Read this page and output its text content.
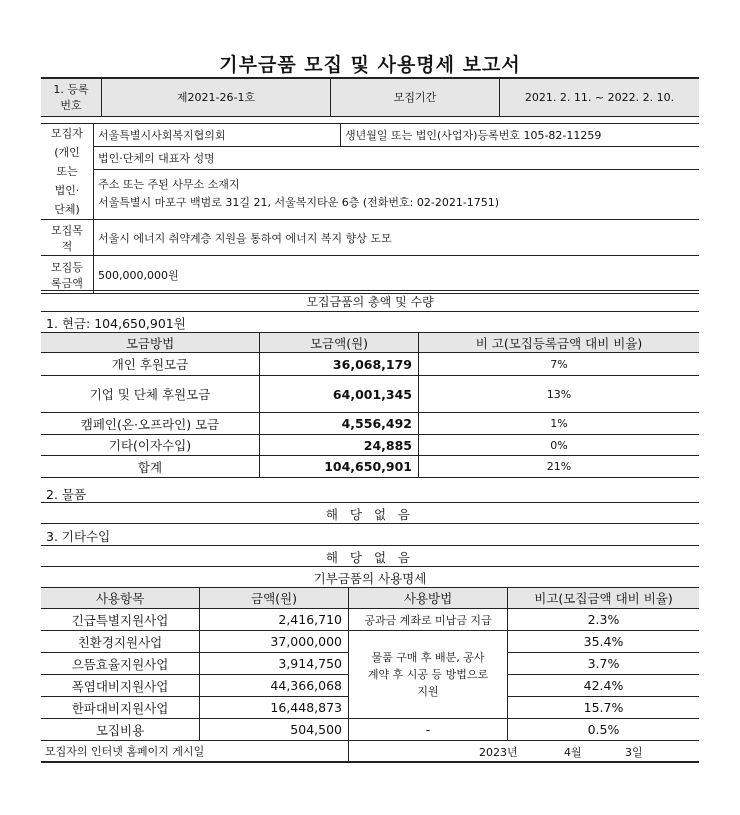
기부금품 모집 및 사용명세 보고서
1. 등록
번호	제2021-26-1호	모집기간	2021. 2. 11. ~ 2022. 2. 10.
모집자
(개인
또는
법인·
단체)	서울특별시사회복지협의회	생년월일 또는 법인(사업자)등록번호 105-82-11259
	법인·단체의 대표자 성명	

	주소 또는 주된 사무소 소재지
서울특별시 마포구 백범로 31길 21, 서울복지타운 6층 (전화번호: 02-2021-1751)	

모집목
적	서울시 에너지 취약계층 지원을 통하여 에너지 복지 향상 도모	
모집등
록금액	500,000,000원	
모집금품의 총액 및 수량
1. 현금: 104,650,901원
모금방법	모금액(원)	비 고(모집등록금액 대비 비율)
개인 후원모금	36,068,179	7%
기업 및 단체 후원모금	64,001,345	13%
캠페인(온·오프라인) 모금	4,556,492	1%
기타(이자수입)	24,885	0%
합계	104,650,901	21%
2. 물품
해 당 없 음
3. 기타수입
해 당 없 음
기부금품의 사용명세
사용항목	금액(원)	사용방법	비고(모집금액 대비 비율)
긴급특별지원사업	2,416,710	공과금 계좌로 미납금 지급	2.3%
친환경지원사업	37,000,000	물품 구매 후 배분, 공사
계약 후 시공 등 방법으로
지원	35.4%
으뜸효율지원사업	3,914,750		3.7%
폭염대비지원사업	44,366,068		42.4%
한파대비지원사업	16,448,873		15.7%
모집비용	504,500	-	0.5%
모집자의 인터넷 홈페이지 게시일		2023년 4월 3일	
